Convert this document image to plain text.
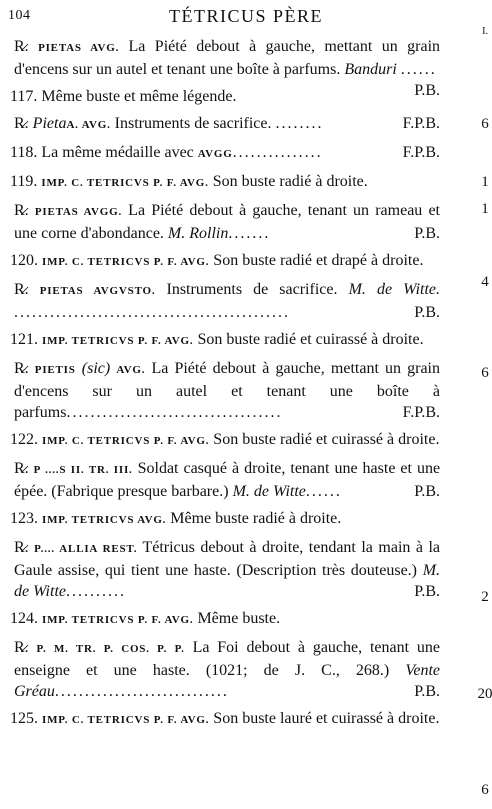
104	TÉTRICUS PÈRE
I.

R̷. PIETAS AVG. La Piété debout à gauche, mettant un grain d'encens sur un autel et tenant une boîte à parfums. Banduri ......
P.B.

6

117. Même buste et même légende.

R̷. PietaA. AVG. Instruments de sacrifice. ........	F.P.B.

1

118. La même médaille avec AVGG...............	F.P.B.

1

119. IMP. C. TETRICVS P. F. AVG. Son buste radié à droite.

R̷. PIETAS AVGG. La Piété debout à gauche, tenant un rameau et une corne d'abondance. M. Rollin.......	P.B.

4

120. IMP. C. TETRICVS P. F. AVG. Son buste radié et drapé à droite.

R̷. PIETAS AVGVSTO. Instruments de sacrifice. M. de Witte. ..............................................	P.B.

6

121. IMP. TETRICVS P. F. AVG. Son buste radié et cuirassé à droite.

R̷. PIETIS (sic) AVG. La Piété debout à gauche, mettant un grain d'encens sur un autel et tenant une boîte à parfums....................................	F.P.B.

122. IMP. C. TETRICVS P. F. AVG. Son buste radié et cuirassé à droite.

R̷. P ....S II. TR. III. Soldat casqué à droite, tenant une haste et une épée. (Fabrique presque barbare.) M. de Witte......	P.B.

2

123. IMP. TETRICVS AVG. Même buste radié à droite.

R̷. P.... ALLIA REST. Tétricus debout à droite, tendant la main à la Gaule assise, qui tient une haste. (Description très douteuse.) M. de Witte..........	P.B.

20

124. IMP. TETRICVS P. F. AVG. Même buste.

R̷. P. M. TR. P. COS. P. P. La Foi debout à gauche, tenant une enseigne et une haste. (1021; de J. C., 268.) Vente Gréau.............................	P.B.

6

125. IMP. C. TETRICVS P. F. AVG. Son buste lauré et cuirassé à droite.
